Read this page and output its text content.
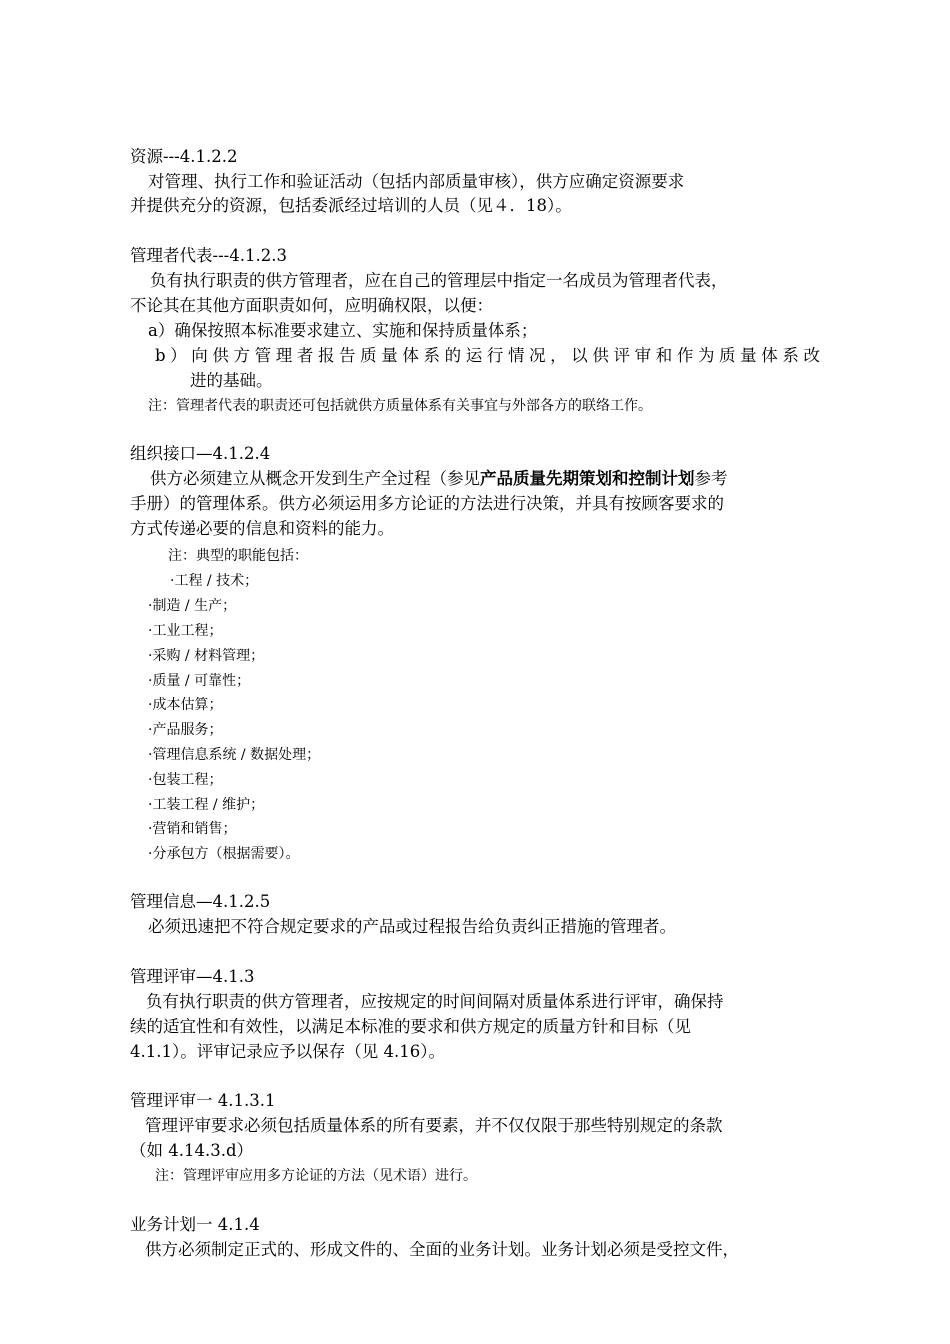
资源---4.1.2.2
对管理、执行工作和验证活动（包括内部质量审核），供方应确定资源要求
并提供充分的资源，包括委派经过培训的人员（见４．18）。
管理者代表---4.1.2.3
负有执行职责的供方管理者，应在自己的管理层中指定一名成员为管理者代表，
不论其在其他方面职责如何，应明确权限，以便：
a）确保按照本标准要求建立、实施和保持质量体系；
b）向供方管理者报告质量体系的运行情况，以供评审和作为质量体系改
进的基础。
注：管理者代表的职责还可包括就供方质量体系有关事宜与外部各方的联络工作。
组织接口—4.1.2.4
供方必须建立从概念开发到生产全过程（参见产品质量先期策划和控制计划参考
手册）的管理体系。供方必须运用多方论证的方法进行决策，并具有按顾客要求的
方式传递必要的信息和资料的能力。
注：典型的职能包括：
·工程 / 技术；
·制造 / 生产；
·工业工程；
·采购 / 材料管理；
·质量 / 可靠性；
·成本估算；
·产品服务；
·管理信息系统 / 数据处理；
·包装工程；
·工装工程 / 维护；
·营销和销售；
·分承包方（根据需要）。
管理信息—4.1.2.5
必须迅速把不符合规定要求的产品或过程报告给负责纠正措施的管理者。
管理评审—4.1.3
负有执行职责的供方管理者，应按规定的时间间隔对质量体系进行评审，确保持
续的适宜性和有效性，以满足本标准的要求和供方规定的质量方针和目标（见
4.1.1）。评审记录应予以保存（见 4.16）。
管理评审一 4.1.3.1
管理评审要求必须包括质量体系的所有要素，并不仅仅限于那些特别规定的条款
（如 4.14.3.d）
注：管理评审应用多方论证的方法（见术语）进行。
业务计划一 4.1.4
供方必须制定正式的、形成文件的、全面的业务计划。业务计划必须是受控文件，
